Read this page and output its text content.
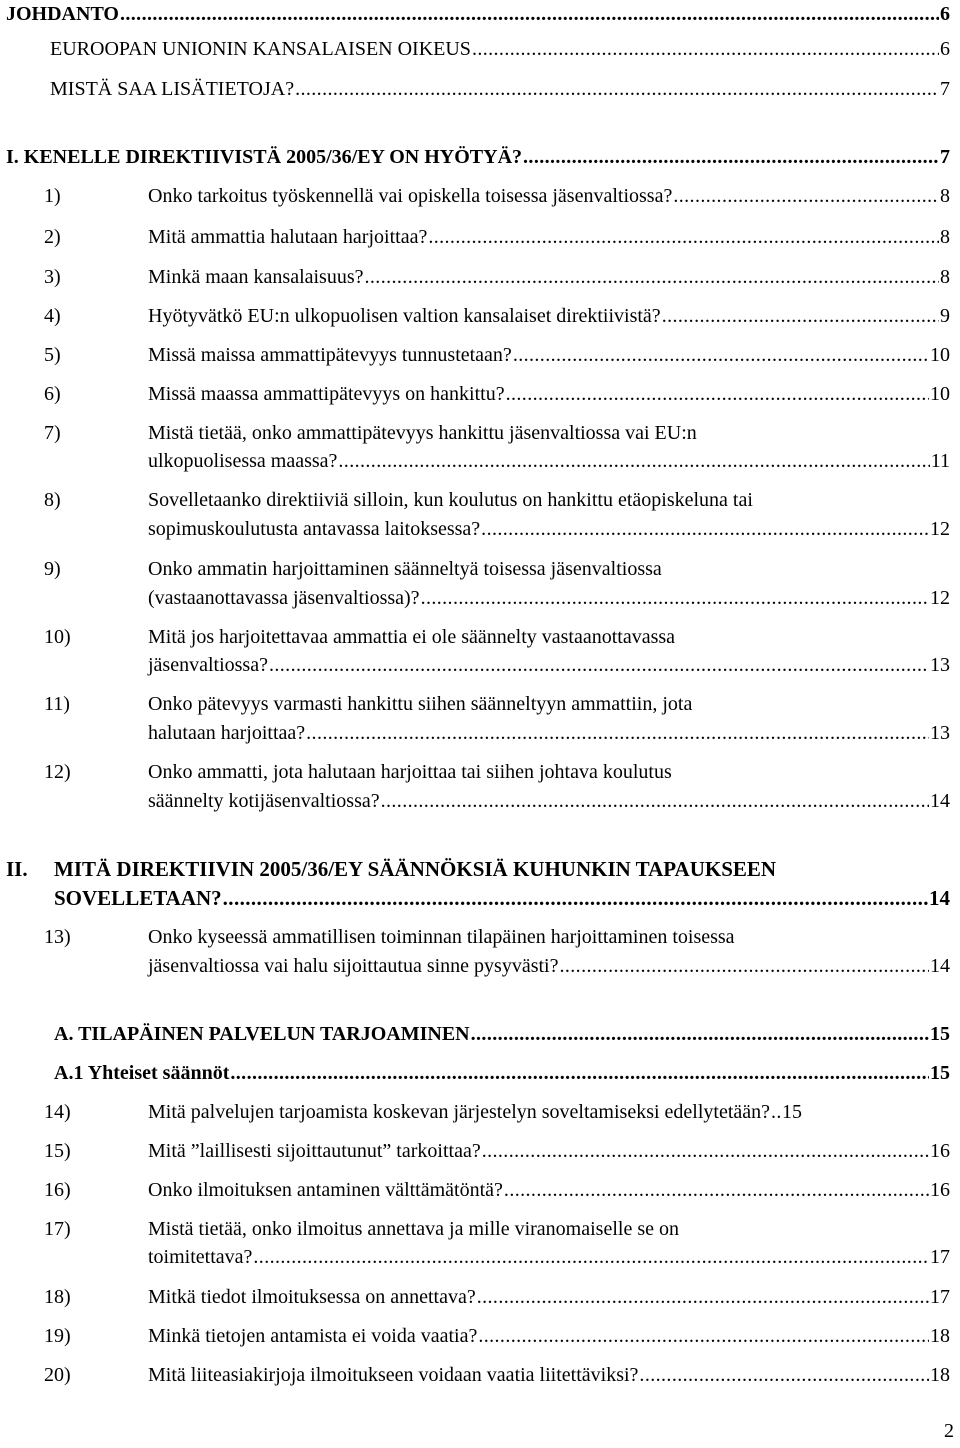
JOHDANTO .....	6
EUROOPAN UNIONIN KANSALAISEN OIKEUS .....	6
MISTÄ SAA LISÄTIETOJA? .....	7
I. KENELLE DIREKTIIVISTÄ 2005/36/EY ON HYÖTYÄ? .....	7
1)	Onko tarkoitus työskennellä vai opiskella toisessa jäsenvaltiossa? .....	8
2)	Mitä ammattia halutaan harjoittaa? .....	8
3)	Minkä maan kansalaisuus? .....	8
4)	Hyötyvätkö EU:n ulkopuolisen valtion kansalaiset direktiivistä? .....	9
5)	Missä maissa ammattipätevyys tunnustetaan? .....	10
6)	Missä maassa ammattipätevyys on hankittu? .....	10
7)	Mistä tietää, onko ammattipätevyys hankittu jäsenvaltiossa vai EU:n
ulkopuolisessa maassa? .....	11
8)	Sovelletaanko direktiiviä silloin, kun koulutus on hankittu etäopiskeluna tai
sopimuskoulutusta antavassa laitoksessa? .....	12
9)	Onko ammatin harjoittaminen säänneltyä toisessa jäsenvaltiossa
(vastaanottavassa jäsenvaltiossa)? .....	12
10)	Mitä jos harjoitettavaa ammattia ei ole säännelty vastaanottavassa
jäsenvaltiossa? .....	13
11)	Onko pätevyys varmasti hankittu siihen säänneltyyn ammattiin, jota
halutaan harjoittaa? .....	13
12)	Onko ammatti, jota halutaan harjoittaa tai siihen johtava koulutus
säännelty kotijäsenvaltiossa? .....	14
II. MITÄ DIREKTIIVIN 2005/36/EY SÄÄNNÖKSIÄ KUHUNKIN TAPAUKSEEN
SOVELLETAAN? .....	14
13)	Onko kyseessä ammatillisen toiminnan tilapäinen harjoittaminen toisessa
jäsenvaltiossa vai halu sijoittautua sinne pysyvästi? .....	14
A. TILAPÄINEN PALVELUN TARJOAMINEN .....	15
A.1 Yhteiset säännöt .....	15
14)	Mitä palvelujen tarjoamista koskevan järjestelyn soveltamiseksi edellytetään? ..... 15
15)	Mitä ”laillisesti sijoittautunut” tarkoittaa? .....	16
16)	Onko ilmoituksen antaminen välttämätöntä? .....	16
17)	Mistä tietää, onko ilmoitus annettava ja mille viranomaiselle se on
toimitettava? .....	17
18)	Mitkä tiedot ilmoituksessa on annettava? .....	17
19)	Minkä tietojen antamista ei voida vaatia? .....	18
20)	Mitä liiteasiakirjoja ilmoitukseen voidaan vaatia liitettäviksi? .....	18
2
